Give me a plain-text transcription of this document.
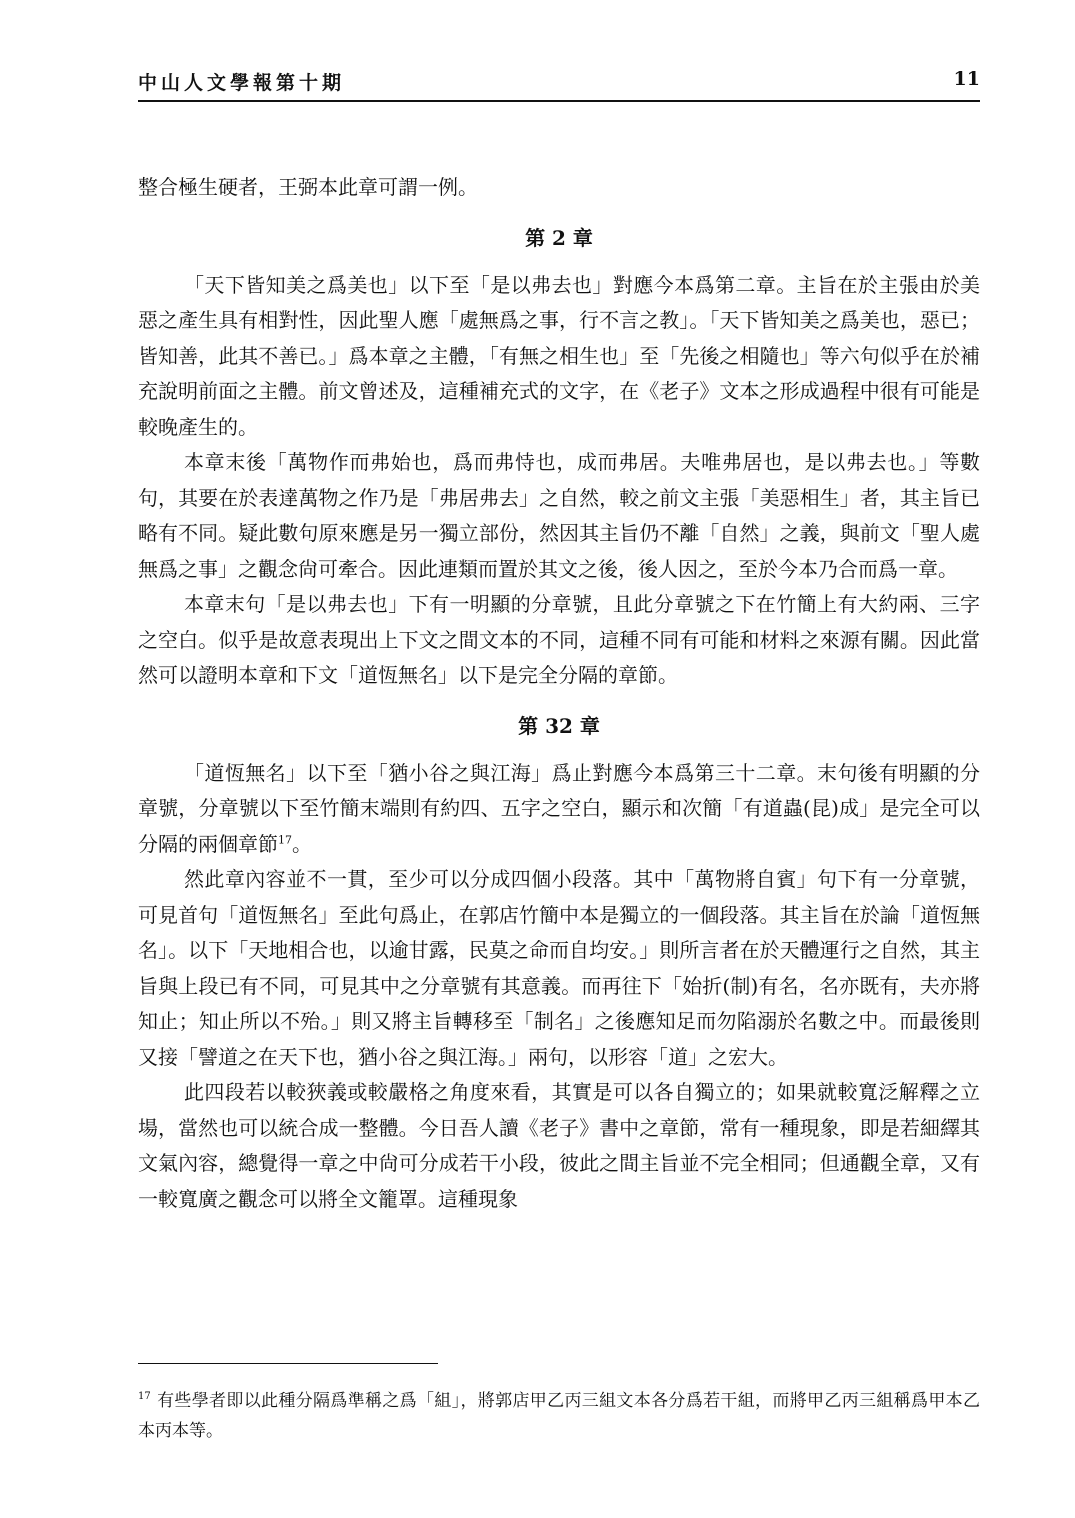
中山人文學報第十期	11

整合極生硬者，王弼本此章可謂一例。

第 2 章

「天下皆知美之爲美也」以下至「是以弗去也」對應今本爲第二章。主旨在於主張由於美惡之產生具有相對性，因此聖人應「處無爲之事，行不言之教」。「天下皆知美之爲美也，惡已；皆知善，此其不善已。」爲本章之主體，「有無之相生也」至「先後之相隨也」等六句似乎在於補充說明前面之主體。前文曾述及，這種補充式的文字，在《老子》文本之形成過程中很有可能是較晚產生的。

本章末後「萬物作而弗始也，爲而弗恃也，成而弗居。夫唯弗居也，是以弗去也。」等數句，其要在於表達萬物之作乃是「弗居弗去」之自然，較之前文主張「美惡相生」者，其主旨已略有不同。疑此數句原來應是另一獨立部份，然因其主旨仍不離「自然」之義，與前文「聖人處無爲之事」之觀念尙可牽合。因此連類而置於其文之後，後人因之，至於今本乃合而爲一章。

本章末句「是以弗去也」下有一明顯的分章號，且此分章號之下在竹簡上有大約兩、三字之空白。似乎是故意表現出上下文之間文本的不同，這種不同有可能和材料之來源有關。因此當然可以證明本章和下文「道恆無名」以下是完全分隔的章節。

第 32 章

「道恆無名」以下至「猶小谷之與江海」爲止對應今本爲第三十二章。末句後有明顯的分章號，分章號以下至竹簡末端則有約四、五字之空白，顯示和次簡「有道蟲(昆)成」是完全可以分隔的兩個章節$^{17}$。

然此章內容並不一貫，至少可以分成四個小段落。其中「萬物將自賓」句下有一分章號，可見首句「道恆無名」至此句爲止，在郭店竹簡中本是獨立的一個段落。其主旨在於論「道恆無名」。以下「天地相合也，以逾甘露，民莫之命而自均安。」則所言者在於天體運行之自然，其主旨與上段已有不同，可見其中之分章號有其意義。而再往下「始折(制)有名，名亦既有，夫亦將知止；知止所以不殆。」則又將主旨轉移至「制名」之後應知足而勿陷溺於名數之中。而最後則又接「譬道之在天下也，猶小谷之與江海。」兩句，以形容「道」之宏大。

此四段若以較狹義或較嚴格之角度來看，其實是可以各自獨立的；如果就較寬泛解釋之立場，當然也可以統合成一整體。今日吾人讀《老子》書中之章節，常有一種現象，即是若細繹其文氣內容，總覺得一章之中尙可分成若干小段，彼此之間主旨並不完全相同；但通觀全章，又有一較寬廣之觀念可以將全文籠罩。這種現象

$^{17}$ 有些學者即以此種分隔爲準稱之爲「組」，將郭店甲乙丙三組文本各分爲若干組，而將甲乙丙三組稱爲甲本乙本丙本等。
